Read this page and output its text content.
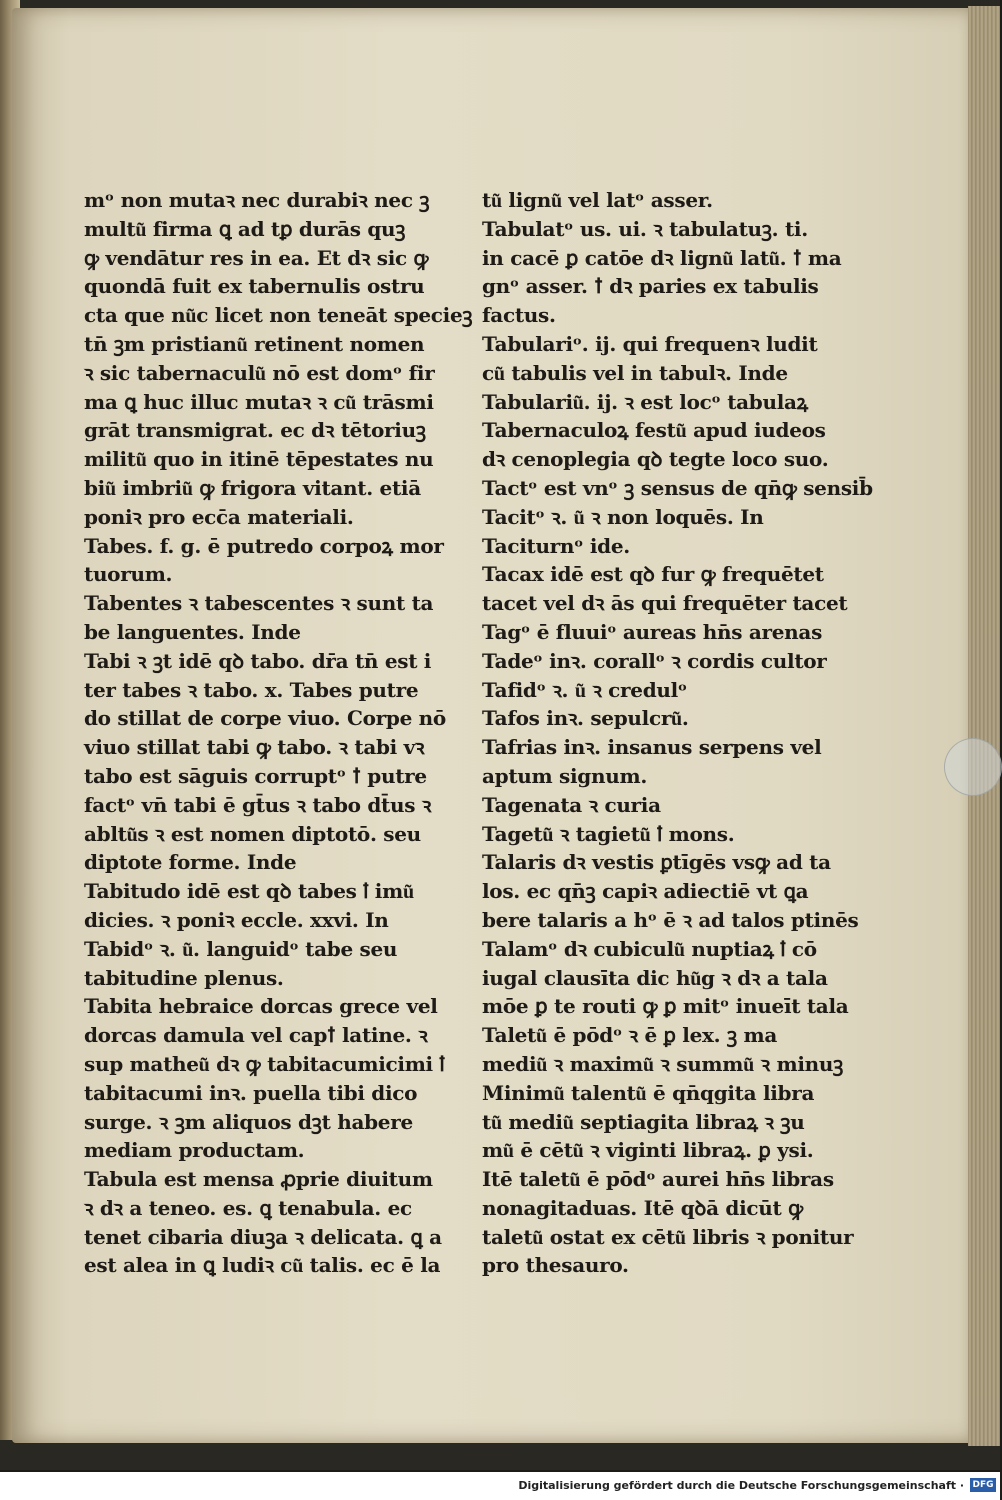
mᵒ non mutaꝛ nec durabiꝛ nec ꝫ
multu͂ firma ꝗ ad tꝑ durās quꝫ
ꝙ vendātur res in ea. Et dꝛ sic ꝙ
quondā fuit ex tabernulis ostru
cta que nu͂c licet non teneāt specieꝫ
tn̄ ꝫm pristianu͂ retinent nomen
ꝛ sic tabernaculu͂ nō est domᵒ fir
ma ꝗ huc illuc mutaꝛ ꝛ cu͂ trāsmi
grāt transmigrat. ec dꝛ tētoriuꝫ
militu͂ quo in itinē tēpestates nu
biu͂ imbriu͂ ꝙ frigora vitant. etiā
poniꝛ pro ecc̄a materiali.
Tabes. f. g. ē putredo corpoꝝ mor
tuorum.
Tabentes ꝛ tabescentes ꝛ sunt ta
be languentes. Inde
Tabi ꝛ ꝫt idē qꝺ tabo. dr̄a tn̄ est i
ter tabes ꝛ tabo. x. Tabes putre
do stillat de corpe viuo. Corpe nō
viuo stillat tabi ꝙ tabo. ꝛ tabi vꝛ
tabo est sāguis corruptᵒ ꝉ putre
factᵒ vn̄ tabi ē gt̄us ꝛ tabo dt̄us ꝛ
abltu͂s ꝛ est nomen diptotō. seu
diptote forme. Inde
Tabitudo idē est qꝺ tabes ꝉ imu͂
dicies. ꝛ poniꝛ eccle. xxvi. In
Tabidᵒ ꝛ. u͂. languidᵒ tabe seu
tabitudine plenus.
Tabita hebraice dorcas grece vel
dorcas damula vel capꝉ latine. ꝛ
sup matheu͂ dꝛ ꝙ tabitacumicimi ꝉ
tabitacumi inꝛ. puella tibi dico
surge. ꝛ ꝫm aliquos dꝫt habere
mediam productam.
Tabula est mensa ꝓprie diuitum
ꝛ dꝛ a teneo. es. ꝗ tenabula. ec
tenet cibaria diuꝫa ꝛ delicata. ꝗ a
est alea in ꝗ ludiꝛ cu͂ talis. ec ē la
tu͂ lignu͂ vel latᵒ asser.
Tabulatᵒ us. ui. ꝛ tabulatuꝫ. ti.
in cacē ꝑ catōe dꝛ lignu͂ latu͂. ꝉ ma
gnᵒ asser. ꝉ dꝛ paries ex tabulis
factus.
Tabulariᵒ. ij. qui frequenꝛ ludit
cu͂ tabulis vel in tabulꝛ. Inde
Tabulariu͂. ij. ꝛ est locᵒ tabulaꝝ
Tabernaculoꝝ festu͂ apud iudeos
dꝛ cenoplegia qꝺ tegte loco suo.
Tactᵒ est vnᵒ ꝫ sensus de qn̄ꝙ sensib̄
Tacitᵒ ꝛ. u͂ ꝛ non loquēs. In
Taciturnᵒ ide.
Tacax idē est qꝺ fur ꝙ frequētet
tacet vel dꝛ ās qui frequēter tacet
Tagᵒ ē fluuiᵒ aureas hn̄s arenas
Tadeᵒ inꝛ. corallᵒ ꝛ cordis cultor
Tafidᵒ ꝛ. u͂ ꝛ credulᵒ
Tafos inꝛ. sepulcru͂.
Tafrias inꝛ. insanus serpens vel
aptum signum.
Tagenata ꝛ curia
Tagetu͂ ꝛ tagietu͂ ꝉ mons.
Talaris dꝛ vestis ꝑtīgēs vsꝙ ad ta
los. ec qn̄ꝫ capiꝛ adiectiē vt ꝗa
bere talaris a hᵒ ē ꝛ ad talos ptinēs
Talamᵒ dꝛ cubiculu͂ nuptiaꝝ ꝉ cō
iugal clausīta dic hu͂g ꝛ dꝛ a tala
mōe ꝑ te routi ꝙ ꝑ mitᵒ inueīt tala
Taletu͂ ē pōdᵒ ꝛ ē ꝑ lex. ꝫ ma
mediu͂ ꝛ maximu͂ ꝛ summu͂ ꝛ minuꝫ
Minimu͂ talentu͂ ē qn̄qgita libra
tu͂ mediu͂ septiagita libraꝝ ꝛ ꝫu
mu͂ ē cētu͂ ꝛ viginti libraꝝ. ꝑ ysi.
Itē taletu͂ ē pōdᵒ aurei hn̄s libras
nonagitaduas. Itē qꝺā dicūt ꝙ
taletu͂ ostat ex cētu͂ libris ꝛ ponitur
pro thesauro.
Digitalisierung gefördert durch die Deutsche Forschungsgemeinschaft · DFG
